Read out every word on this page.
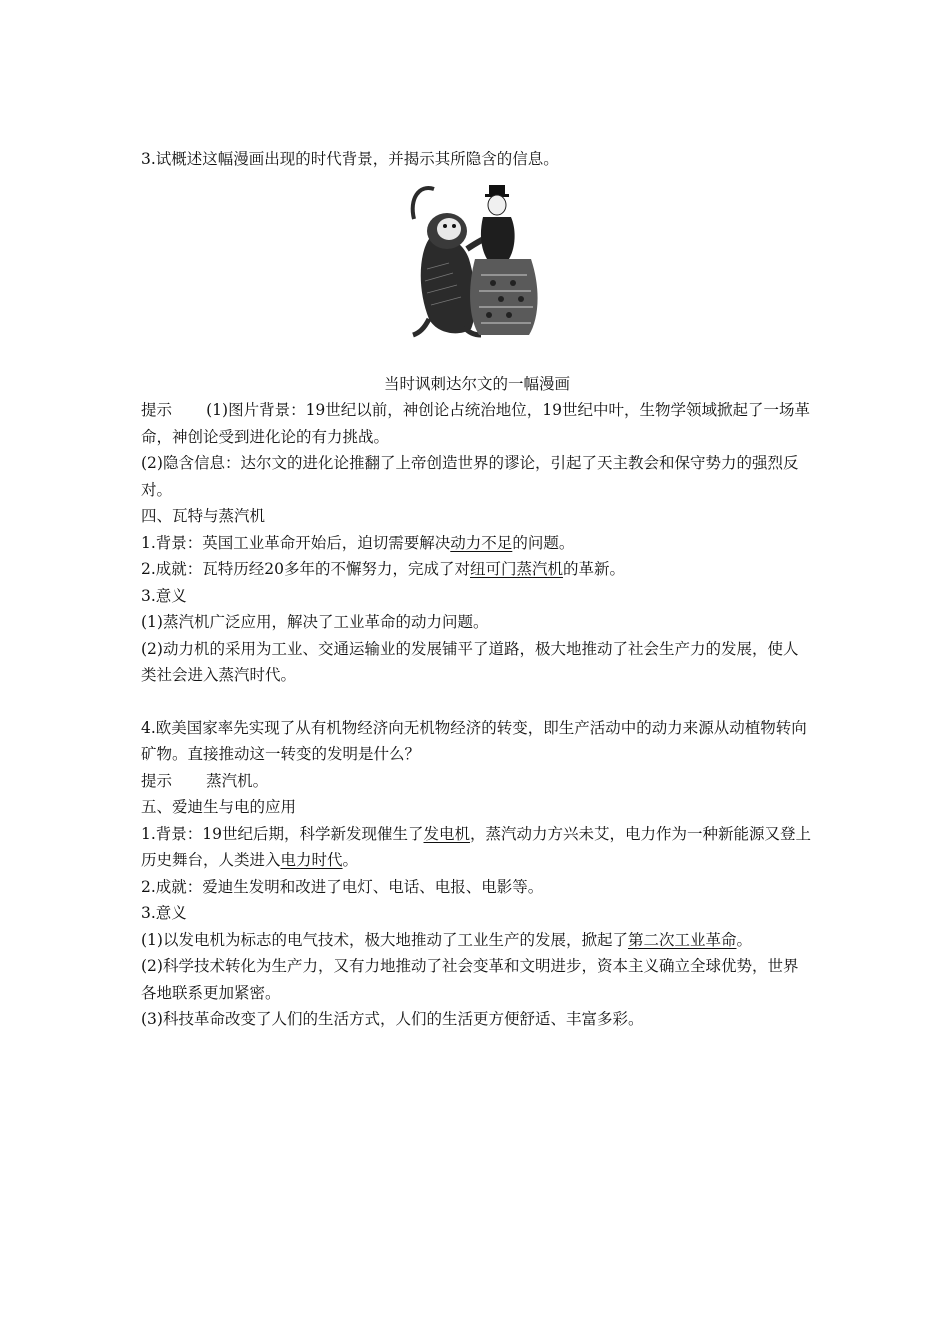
3.试概述这幅漫画出现的时代背景，并揭示其所隐含的信息。

当时讽刺达尔文的一幅漫画

提示 (1)图片背景：19世纪以前，神创论占统治地位，19世纪中叶，生物学领域掀起了一场革命，神创论受到进化论的有力挑战。

(2)隐含信息：达尔文的进化论推翻了上帝创造世界的谬论，引起了天主教会和保守势力的强烈反对。

四、瓦特与蒸汽机

1.背景：英国工业革命开始后，迫切需要解决动力不足的问题。

2.成就：瓦特历经20多年的不懈努力，完成了对纽可门蒸汽机的革新。

3.意义

(1)蒸汽机广泛应用，解决了工业革命的动力问题。

(2)动力机的采用为工业、交通运输业的发展铺平了道路，极大地推动了社会生产力的发展，使人类社会进入蒸汽时代。

4.欧美国家率先实现了从有机物经济向无机物经济的转变，即生产活动中的动力来源从动植物转向矿物。直接推动这一转变的发明是什么？

提示 蒸汽机。

五、爱迪生与电的应用

1.背景：19世纪后期，科学新发现催生了发电机，蒸汽动力方兴未艾，电力作为一种新能源又登上历史舞台，人类进入电力时代。

2.成就：爱迪生发明和改进了电灯、电话、电报、电影等。

3.意义

(1)以发电机为标志的电气技术，极大地推动了工业生产的发展，掀起了第二次工业革命。

(2)科学技术转化为生产力，又有力地推动了社会变革和文明进步，资本主义确立全球优势，世界各地联系更加紧密。

(3)科技革命改变了人们的生活方式，人们的生活更方便舒适、丰富多彩。
